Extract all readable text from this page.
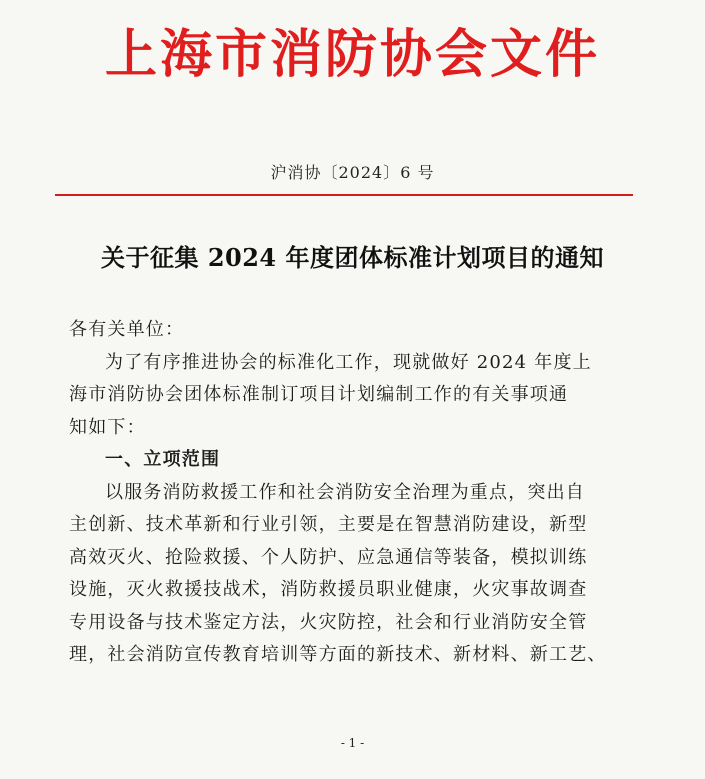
上海市消防协会文件
沪消协〔2024〕6 号
关于征集 2024 年度团体标准计划项目的通知
各有关单位：
为了有序推进协会的标准化工作，现就做好 2024 年度上
海市消防协会团体标准制订项目计划编制工作的有关事项通
知如下：
一、立项范围
以服务消防救援工作和社会消防安全治理为重点，突出自
主创新、技术革新和行业引领，主要是在智慧消防建设，新型
高效灭火、抢险救援、个人防护、应急通信等装备，模拟训练
设施，灭火救援技战术，消防救援员职业健康，火灾事故调查
专用设备与技术鉴定方法，火灾防控，社会和行业消防安全管
理，社会消防宣传教育培训等方面的新技术、新材料、新工艺、
- 1 -
